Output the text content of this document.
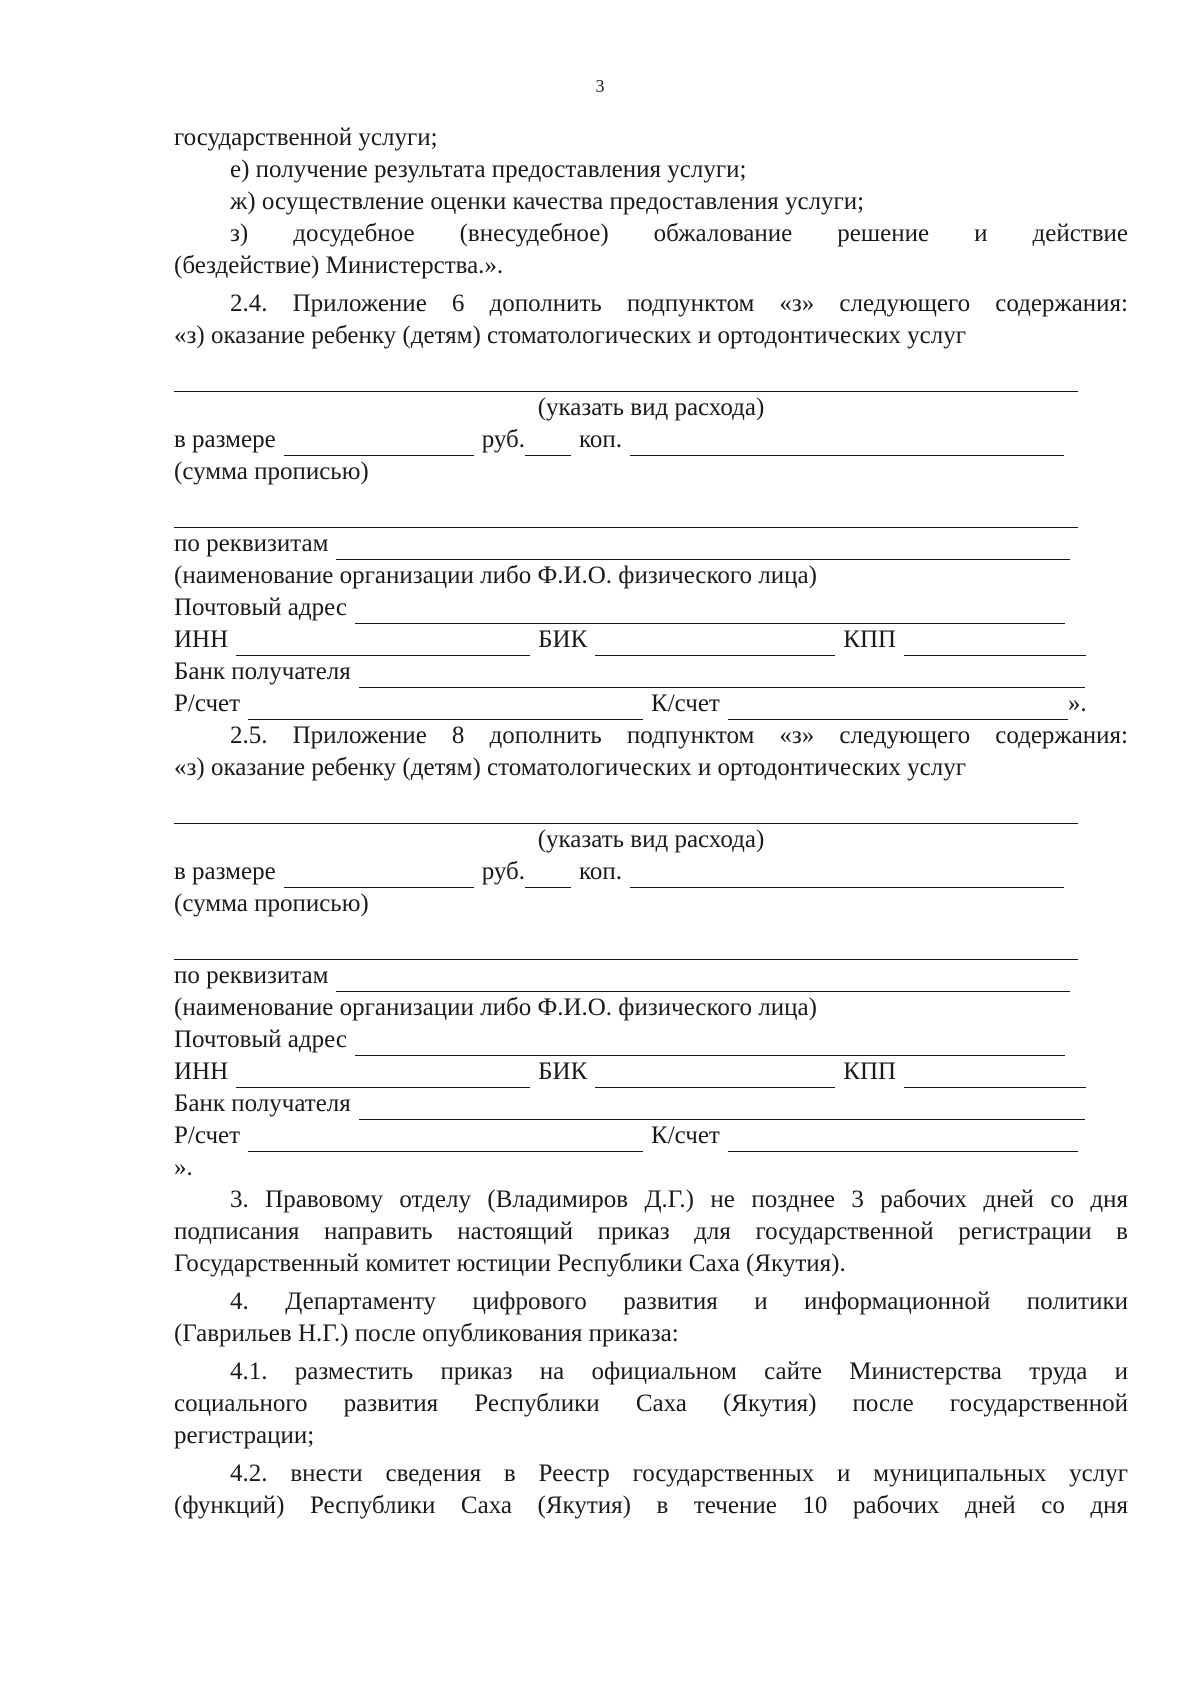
3

государственной услуги;

е) получение результата предоставления услуги;

ж) осуществление оценки качества предоставления услуги;

з) досудебное (внесудебное) обжалование решение и действие

(бездействие) Министерства.».

2.4. Приложение 6 дополнить подпунктом «з» следующего содержания:

«з) оказание ребенку (детям) стоматологических и ортодонтических услуг

(указать вид расхода)
в размере	руб. коп.
(сумма прописью)
по реквизитам
(наименование организации либо Ф.И.О. физического лица)
Почтовый адрес
ИНН	БИК	КПП
Банк получателя
Р/счет	К/счет	».

2.5. Приложение 8 дополнить подпунктом «з» следующего содержания:

«з) оказание ребенку (детям) стоматологических и ортодонтических услуг

(указать вид расхода)
в размере	руб. коп.
(сумма прописью)
по реквизитам
(наименование организации либо Ф.И.О. физического лица)
Почтовый адрес
ИНН	БИК	КПП
Банк получателя
Р/счет	К/счет
».

3. Правовому отделу (Владимиров Д.Г.) не позднее 3 рабочих дней со дня

подписания направить настоящий приказ для государственной регистрации в

Государственный комитет юстиции Республики Саха (Якутия).

4. Департаменту цифрового развития и информационной политики

(Гаврильев Н.Г.) после опубликования приказа:

4.1. разместить приказ на официальном сайте Министерства труда и

социального развития Республики Саха (Якутия) после государственной

регистрации;

4.2. внести сведения в Реестр государственных и муниципальных услуг

(функций) Республики Саха (Якутия) в течение 10 рабочих дней со дня
